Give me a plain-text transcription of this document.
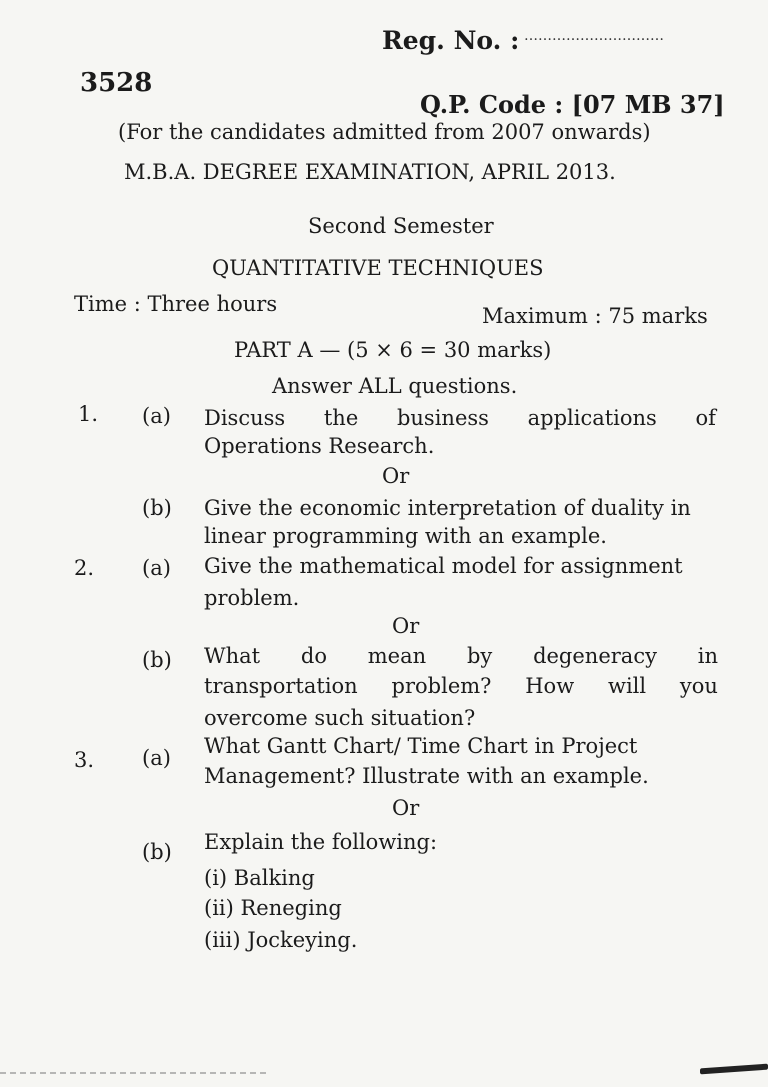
Reg. No. : …………………………
3528
Q.P. Code : [07 MB 37]
(For the candidates admitted from 2007 onwards)
M.B.A. DEGREE EXAMINATION, APRIL 2013.
Second Semester
QUANTITATIVE TECHNIQUES
Time : Three hours	Maximum : 75 marks
PART A — (5 × 6 = 30 marks)
Answer ALL questions.
1. (a) Discuss the business applications of
Operations Research.
Or
(b) Give the economic interpretation of duality in
linear programming with an example.
2. (a) Give the mathematical model for assignment
problem.
Or
(b) What do mean by degeneracy in
transportation problem? How will you
overcome such situation?
3. (a) What Gantt Chart/ Time Chart in Project
Management? Illustrate with an example.
Or
(b) Explain the following:
(i) Balking
(ii) Reneging
(iii) Jockeying.
